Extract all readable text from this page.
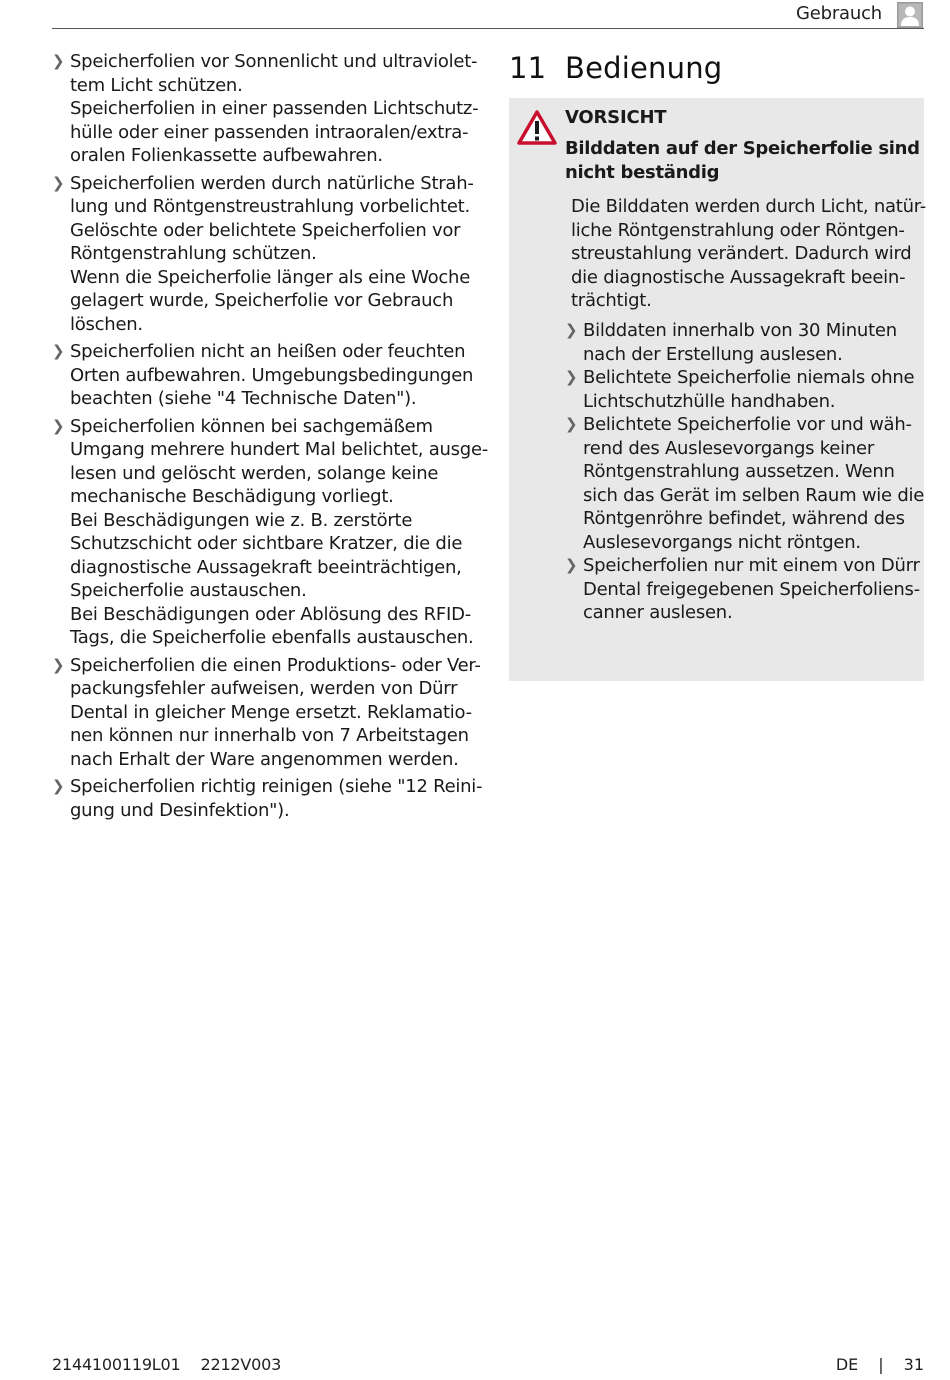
Gebrauch
❯ Speicherfolien vor Sonnenlicht und ultraviolet-
tem Licht schützen.
Speicherfolien in einer passenden Lichtschutz-
hülle oder einer passenden intraoralen/extra-
oralen Folienkassette aufbewahren.
❯ Speicherfolien werden durch natürliche Strah-
lung und Röntgenstreustrahlung vorbelichtet.
Gelöschte oder belichtete Speicherfolien vor
Röntgenstrahlung schützen.
Wenn die Speicherfolie länger als eine Woche
gelagert wurde, Speicherfolie vor Gebrauch
löschen.
❯ Speicherfolien nicht an heißen oder feuchten
Orten aufbewahren. Umgebungsbedingungen
beachten (siehe "4 Technische Daten").
❯ Speicherfolien können bei sachgemäßem
Umgang mehrere hundert Mal belichtet, ausge-
lesen und gelöscht werden, solange keine
mechanische Beschädigung vorliegt.
Bei Beschädigungen wie z. B. zerstörte
Schutzschicht oder sichtbare Kratzer, die die
diagnostische Aussagekraft beeinträchtigen,
Speicherfolie austauschen.
Bei Beschädigungen oder Ablösung des RFID-
Tags, die Speicherfolie ebenfalls austauschen.
❯ Speicherfolien die einen Produktions- oder Ver-
packungsfehler aufweisen, werden von Dürr
Dental in gleicher Menge ersetzt. Reklamatio-
nen können nur innerhalb von 7 Arbeitstagen
nach Erhalt der Ware angenommen werden.
❯ Speicherfolien richtig reinigen (siehe "12 Reini-
gung und Desinfektion").
11 Bedienung
VORSICHT
Bilddaten auf der Speicherfolie sind
nicht beständig
Die Bilddaten werden durch Licht, natür-
liche Röntgenstrahlung oder Röntgen-
streustahlung verändert. Dadurch wird
die diagnostische Aussagekraft beein-
trächtigt.
❯ Bilddaten innerhalb von 30 Minuten
nach der Erstellung auslesen.
❯ Belichtete Speicherfolie niemals ohne
Lichtschutzhülle handhaben.
❯ Belichtete Speicherfolie vor und wäh-
rend des Auslesevorgangs keiner
Röntgenstrahlung aussetzen. Wenn
sich das Gerät im selben Raum wie die
Röntgenröhre befindet, während des
Auslesevorgangs nicht röntgen.
❯ Speicherfolien nur mit einem von Dürr
Dental freigegebenen Speicherfoliens-
canner auslesen.
2144100119L01 2212V003	DE | 31
